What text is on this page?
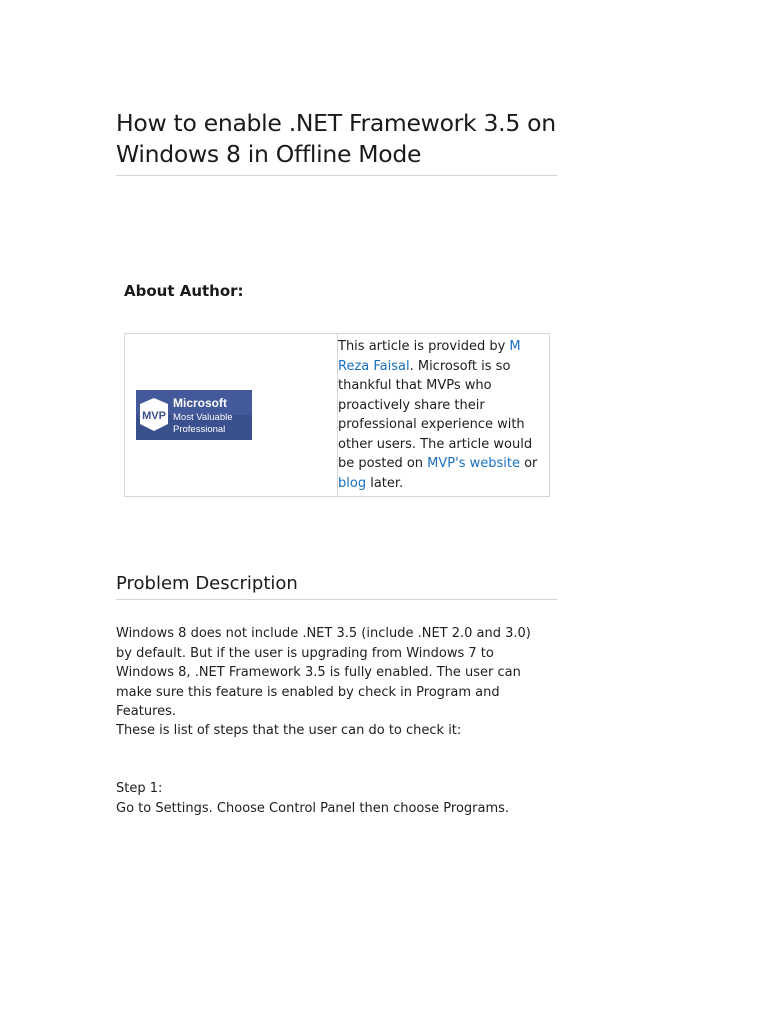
How to enable .NET Framework 3.5 on Windows 8 in Offline Mode
About Author:
MVP
Microsoft
Most Valuable
Professional
	This article is provided by M Reza Faisal. Microsoft is so thankful that MVPs who proactively share their professional experience with other users. The article would be posted on MVP's website or blog later.
Problem Description

Windows 8 does not include .NET 3.5 (include .NET 2.0 and 3.0) by default. But if the user is upgrading from Windows 7 to Windows 8, .NET Framework 3.5 is fully enabled. The user can make sure this feature is enabled by check in Program and Features.

These is list of steps that the user can do to check it:

Step 1:

Go to Settings. Choose Control Panel then choose Programs.
